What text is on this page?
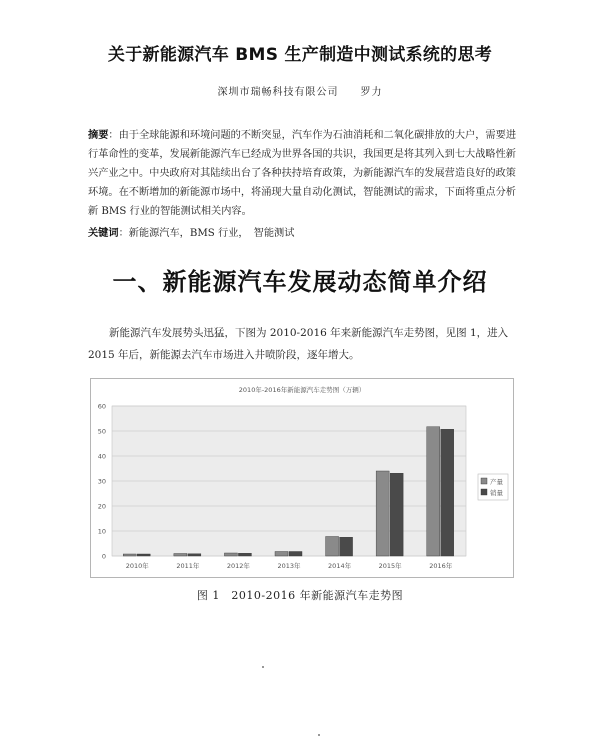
关于新能源汽车 BMS 生产制造中测试系统的思考
深圳市瑞畅科技有限公司　　罗力
摘要：由于全球能源和环境问题的不断突显，汽车作为石油消耗和二氧化碳排放的大户，需要进行革命性的变革，发展新能源汽车已经成为世界各国的共识，我国更是将其列入到七大战略性新兴产业之中。中央政府对其陆续出台了各种扶持培育政策，为新能源汽车的发展营造良好的政策环境。在不断增加的新能源市场中，将涌现大量自动化测试，智能测试的需求，下面将重点分析新 BMS 行业的智能测试相关内容。
关键词：新能源汽车，BMS 行业，　智能测试
一、新能源汽车发展动态简单介绍
新能源汽车发展势头迅猛，下图为 2010-2016 年来新能源汽车走势图，见图 1，进入 2015 年后，新能源去汽车市场进入井喷阶段，逐年增大。
2010年-2016年新能源汽车走势图（万辆）
0
10
20
30
40
50
60
2010年	2011年	2012年	2013年	2014年	2015年	2016年
产量
销量
图 1　2010-2016 年新能源汽车走势图
